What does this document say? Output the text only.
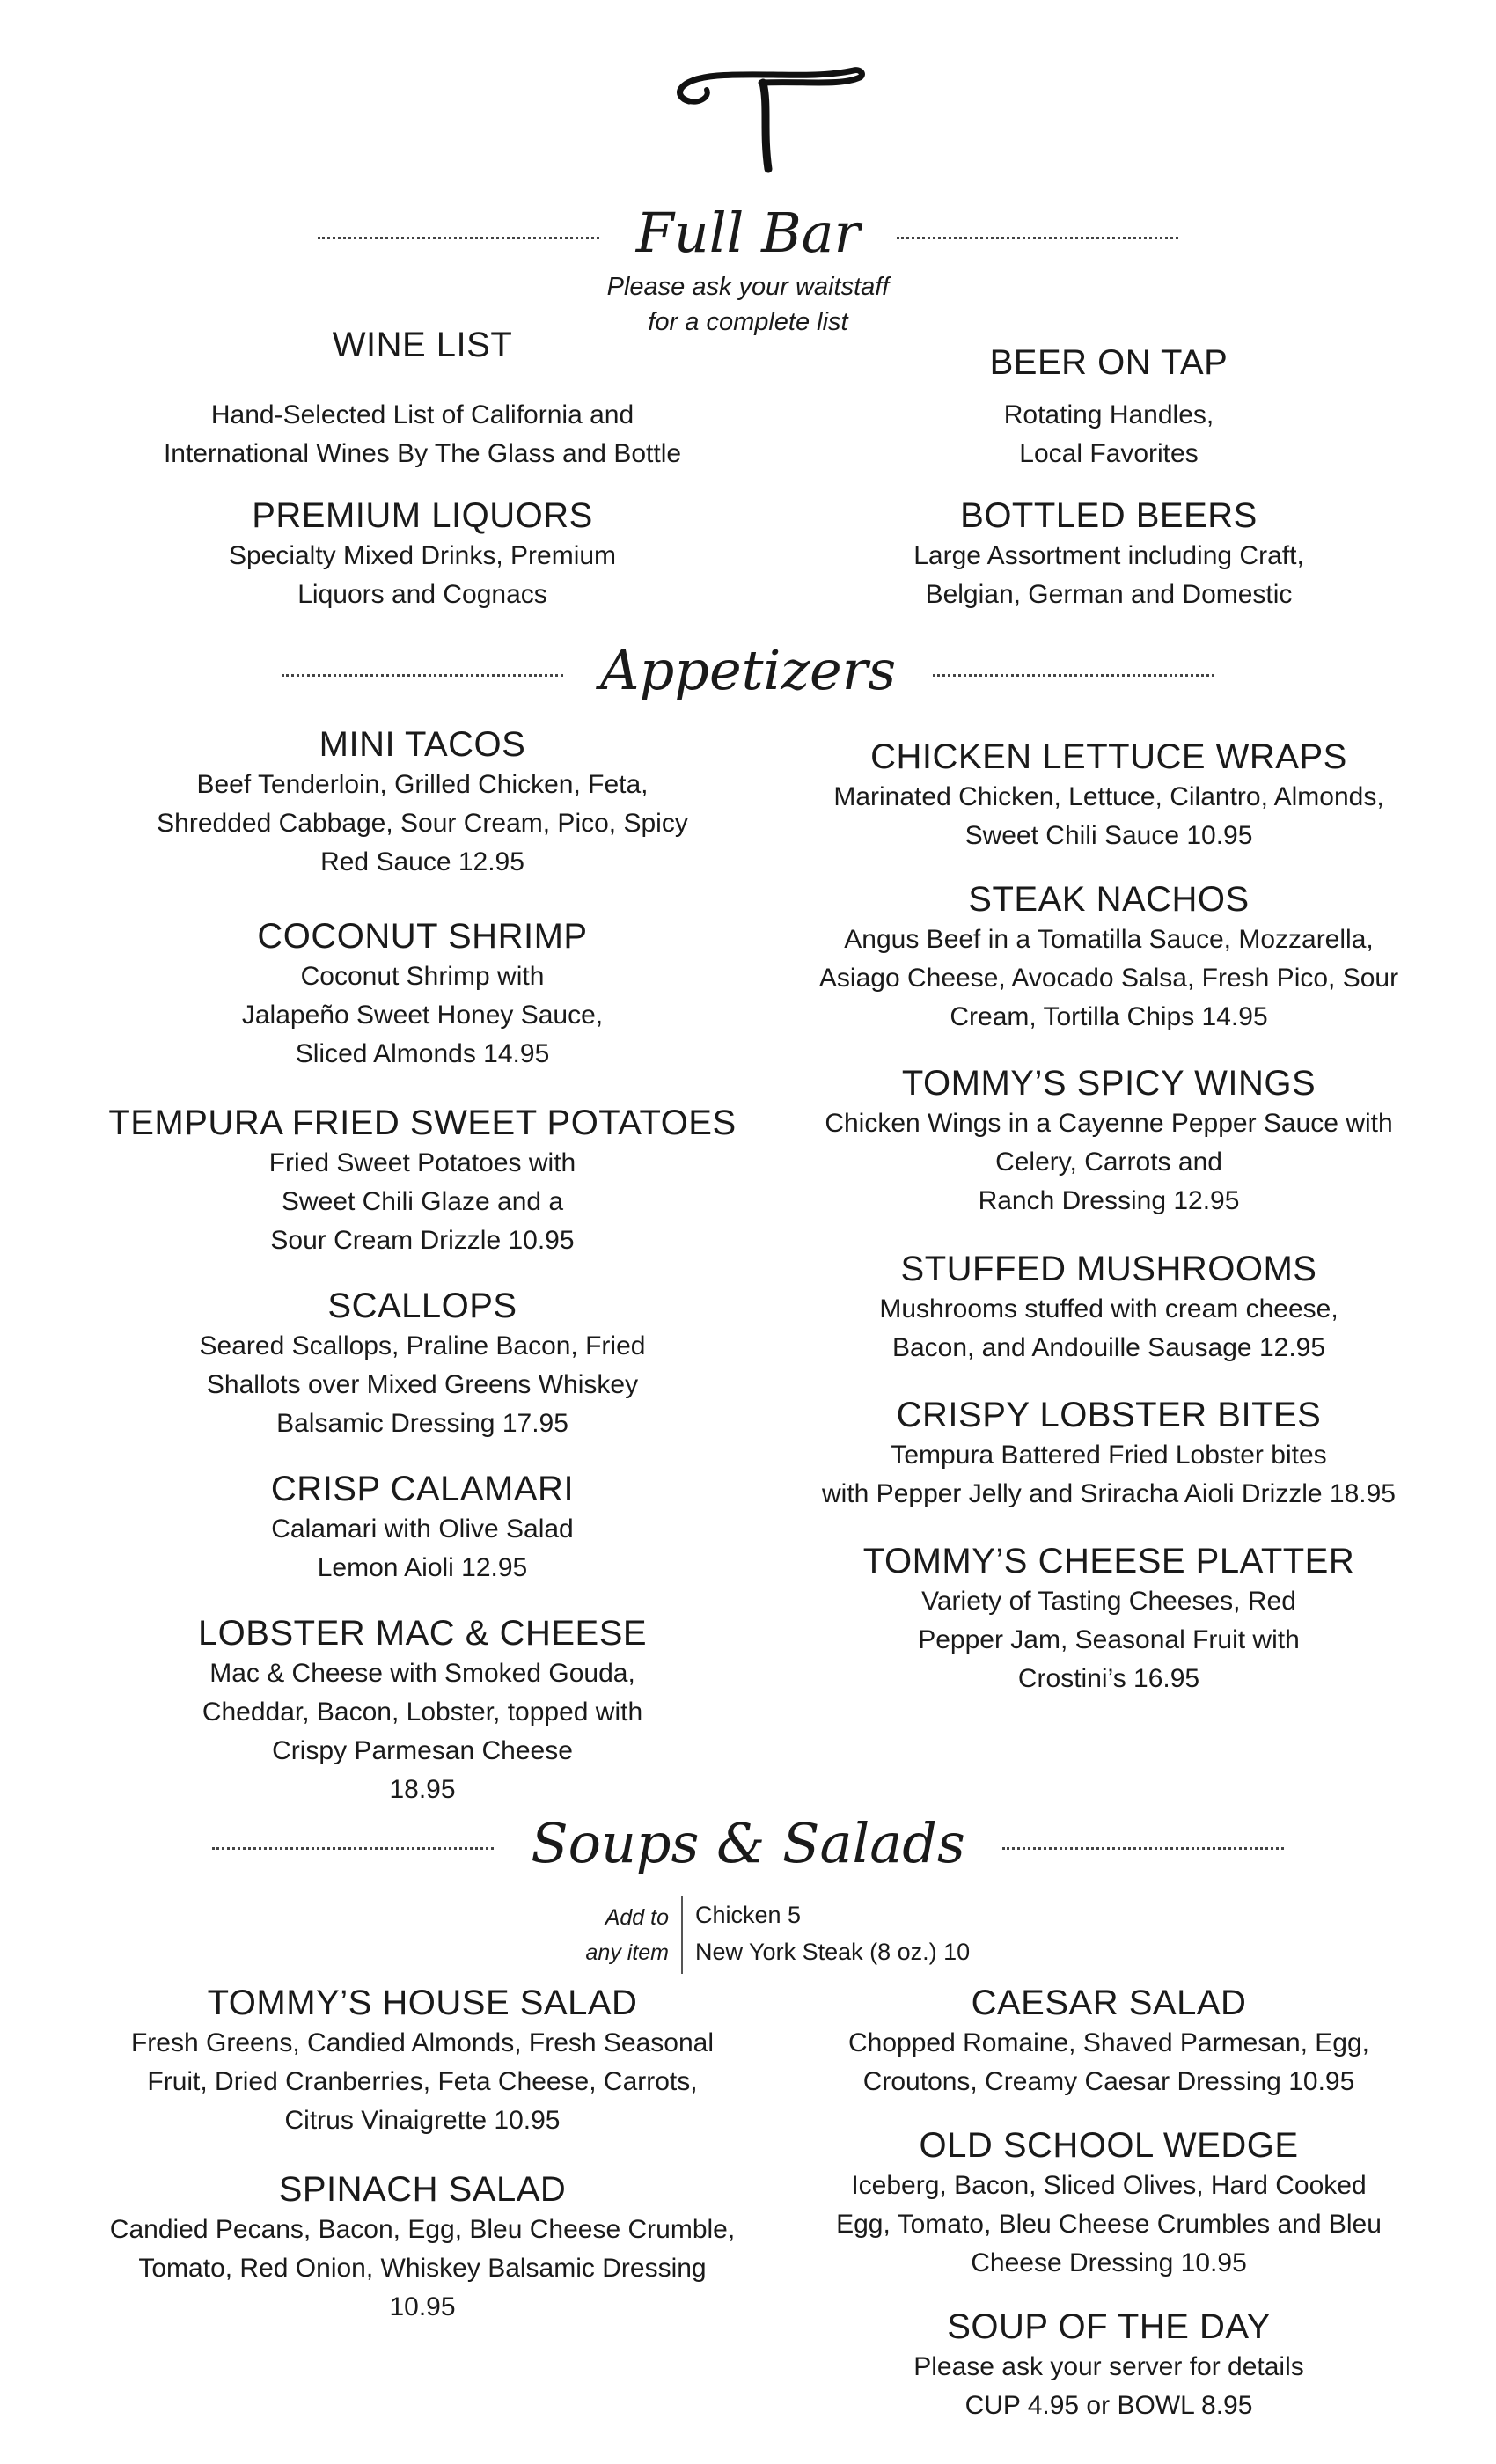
Full Bar
Please ask your waitstaff
for a complete list
WINE LIST

Hand-Selected List of California and
International Wines By The Glass and Bottle

PREMIUM LIQUORS

Specialty Mixed Drinks, Premium
Liquors and Cognacs

BEER ON TAP

Rotating Handles,
Local Favorites

BOTTLED BEERS

Large Assortment including Craft,
Belgian, German and Domestic

Appetizers
MINI TACOS

Beef Tenderloin, Grilled Chicken, Feta,
Shredded Cabbage, Sour Cream, Pico, Spicy
Red Sauce 12.95

COCONUT SHRIMP

Coconut Shrimp with
Jalapeño Sweet Honey Sauce,
Sliced Almonds 14.95

TEMPURA FRIED SWEET POTATOES

Fried Sweet Potatoes with
Sweet Chili Glaze and a
Sour Cream Drizzle 10.95

SCALLOPS

Seared Scallops, Praline Bacon, Fried
Shallots over Mixed Greens Whiskey
Balsamic Dressing 17.95

CRISP CALAMARI

Calamari with Olive Salad
Lemon Aioli 12.95

LOBSTER MAC & CHEESE

Mac & Cheese with Smoked Gouda,
Cheddar, Bacon, Lobster, topped with
Crispy Parmesan Cheese
18.95

CHICKEN LETTUCE WRAPS

Marinated Chicken, Lettuce, Cilantro, Almonds,
Sweet Chili Sauce 10.95

STEAK NACHOS

Angus Beef in a Tomatilla Sauce, Mozzarella,
Asiago Cheese, Avocado Salsa, Fresh Pico, Sour
Cream, Tortilla Chips 14.95

TOMMY’S SPICY WINGS

Chicken Wings in a Cayenne Pepper Sauce with
Celery, Carrots and
Ranch Dressing 12.95

STUFFED MUSHROOMS

Mushrooms stuffed with cream cheese,
Bacon, and Andouille Sausage 12.95

CRISPY LOBSTER BITES

Tempura Battered Fried Lobster bites
with Pepper Jelly and Sriracha Aioli Drizzle 18.95

TOMMY’S CHEESE PLATTER

Variety of Tasting Cheeses, Red
Pepper Jam, Seasonal Fruit with
Crostini’s 16.95

Soups & Salads
Add to
any item
Chicken 5
New York Steak (8 oz.) 10
TOMMY’S HOUSE SALAD

Fresh Greens, Candied Almonds, Fresh Seasonal
Fruit, Dried Cranberries, Feta Cheese, Carrots,
Citrus Vinaigrette 10.95

SPINACH SALAD

Candied Pecans, Bacon, Egg, Bleu Cheese Crumble,
Tomato, Red Onion, Whiskey Balsamic Dressing
10.95

CAESAR SALAD

Chopped Romaine, Shaved Parmesan, Egg,
Croutons, Creamy Caesar Dressing 10.95

OLD SCHOOL WEDGE

Iceberg, Bacon, Sliced Olives, Hard Cooked
Egg, Tomato, Bleu Cheese Crumbles and Bleu
Cheese Dressing 10.95

SOUP OF THE DAY

Please ask your server for details
CUP 4.95 or BOWL 8.95
